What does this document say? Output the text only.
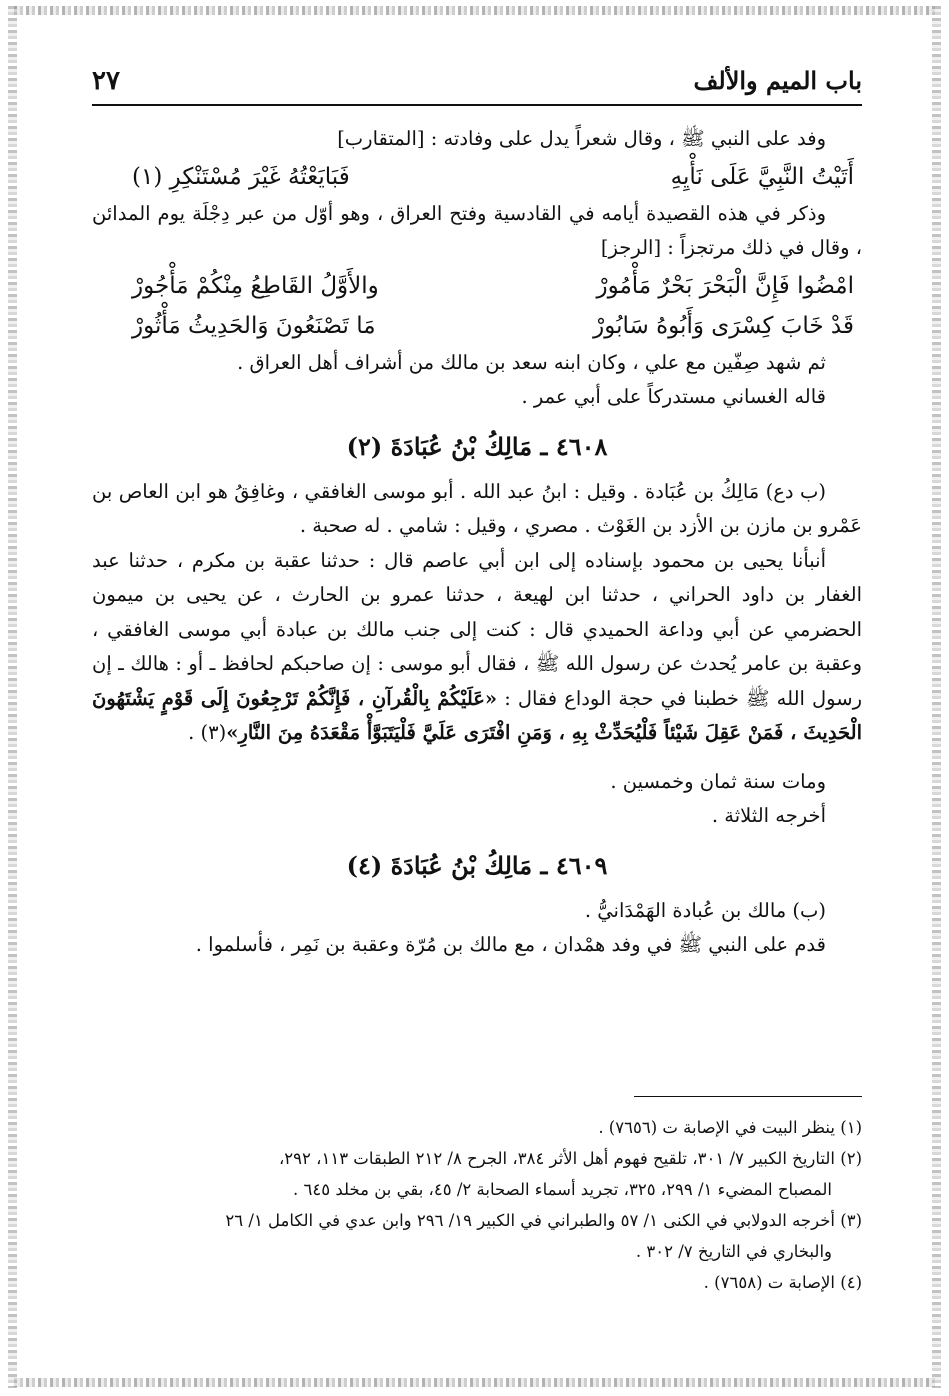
باب الميم والألف
٢٧

وفد على النبي ﷺ ، وقال شعراً يدل على وفادته : [المتقارب]

أَتَيْتُ النَّبِيَّ عَلَى نَأْيِهِ
فَبَايَعْتُهُ غَيْرَ مُسْتَنْكِرِ (١)

وذكر في هذه القصيدة أيامه في القادسية وفتح العراق ، وهو أوّل من عبر دِجْلَة يوم المدائن ، وقال في ذلك مرتجزاً : [الرجز]

امْضُوا فَإِنَّ الْبَحْرَ بَحْرٌ مَأْمُورْ
والأَوَّلُ القَاطِعُ مِنْكُمْ مَأْجُورْ
قَدْ خَابَ كِسْرَى وَأَبُوهُ سَابُورْ
مَا تَصْنَعُونَ وَالحَدِيثُ مَأْثُورْ

ثم شهد صِفّين مع علي ، وكان ابنه سعد بن مالك من أشراف أهل العراق .

قاله الغساني مستدركاً على أبي عمر .

٤٦٠٨ ـ مَالِكُ بْنُ عُبَادَةَ (٢)

(ب دع) مَالِكُ بن عُبَادة . وقيل : ابنُ عبد الله . أبو موسى الغافقي ، وغافِقُ هو ابن العاص بن عَمْرو بن مازن بن الأزد بن الغَوْث . مصري ، وقيل : شامي . له صحبة .

أنبأنا يحيى بن محمود بإسناده إلى ابن أبي عاصم قال : حدثنا عقبة بن مكرم ، حدثنا عبد الغفار بن داود الحراني ، حدثنا ابن لهيعة ، حدثنا عمرو بن الحارث ، عن يحيى بن ميمون الحضرمي عن أبي وداعة الحميدي قال : كنت إلى جنب مالك بن عبادة أبي موسى الغافقي ، وعقبة بن عامر يُحدث عن رسول الله ﷺ ، فقال أبو موسى : إن صاحبكم لحافظ ـ أو : هالك ـ إن رسول الله ﷺ خطبنا في حجة الوداع فقال : «عَلَيْكُمْ بِالْقُرآنِ ، فَإِنَّكُمْ تَرْجِعُونَ إِلَى قَوْمٍ يَشْتَهُونَ الْحَدِيثَ ، فَمَنْ عَقِلَ شَيْئاً فَلْيُحَدِّثْ بِهِ ، وَمَنِ افْتَرَى عَلَيَّ فَلْيَتَبَوَّأْ مَقْعَدَهُ مِنَ النَّارِ»(٣) .

ومات سنة ثمان وخمسين .

أخرجه الثلاثة .

٤٦٠٩ ـ مَالِكُ بْنُ عُبَادَةَ (٤)

(ب) مالك بن عُبادة الهَمْدَانيُّ .

قدم على النبي ﷺ في وفد همْدان ، مع مالك بن مُرّة وعقبة بن نَمِر ، فأسلموا .

(١) ينظر البيت في الإصابة ت (٧٦٥٦) .

(٢) التاريخ الكبير ٧/ ٣٠١، تلقيح فهوم أهل الأثر ٣٨٤، الجرح ٨/ ٢١٢ الطبقات ١١٣، ٢٩٢،

المصباح المضيء ١/ ٢٩٩، ٣٢٥، تجريد أسماء الصحابة ٢/ ٤٥، بقي بن مخلد ٦٤٥ .

(٣) أخرجه الدولابي في الكنى ١/ ٥٧ والطبراني في الكبير ١٩/ ٢٩٦ وابن عدي في الكامل ١/ ٢٦

والبخاري في التاريخ ٧/ ٣٠٢ .

(٤) الإصابة ت (٧٦٥٨) .
